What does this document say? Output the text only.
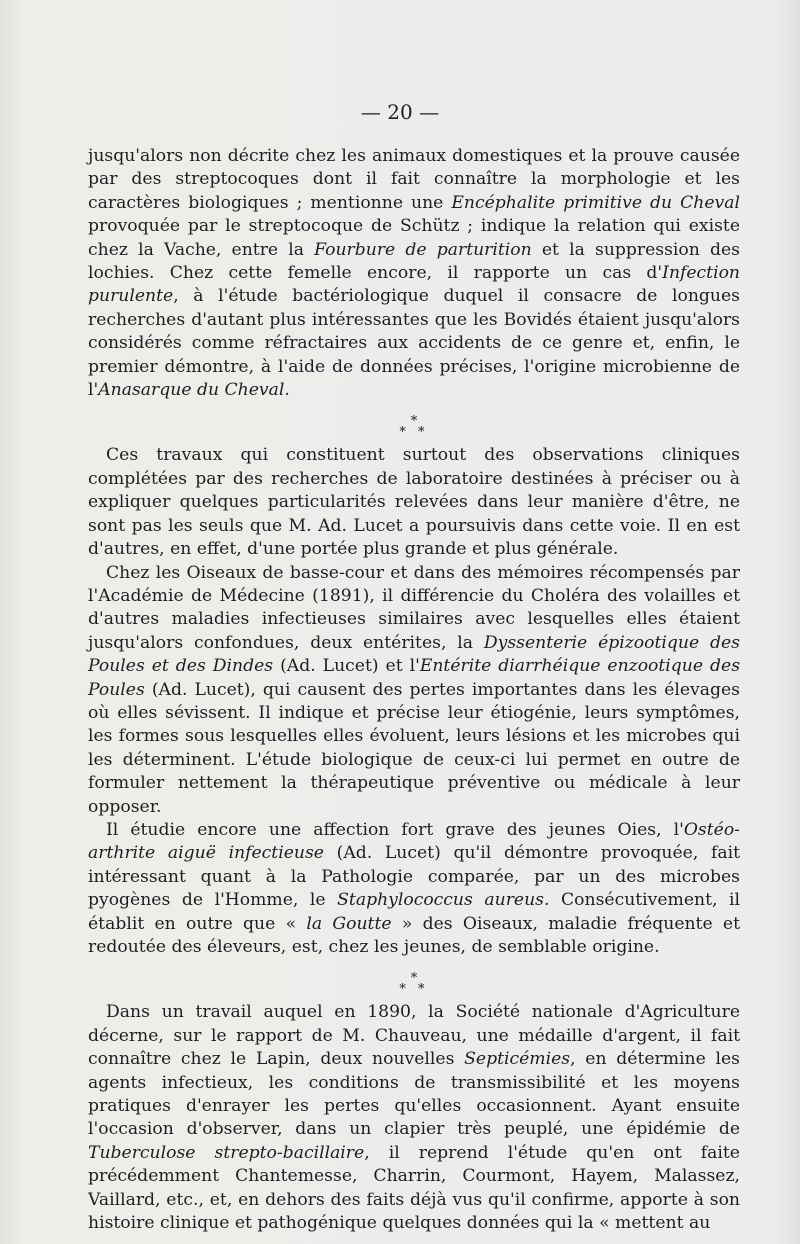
— 20 —

jusqu'alors non décrite chez les animaux domestiques et la prouve causée par des streptocoques dont il fait connaître la morphologie et les caractères biologiques ; mentionne une Encéphalite primitive du Cheval provoquée par le streptocoque de Schütz ; indique la relation qui existe chez la Vache, entre la Fourbure de parturition et la suppression des lochies. Chez cette femelle encore, il rapporte un cas d'Infection purulente, à l'étude bactériologique duquel il consacre de longues recherches d'autant plus intéressantes que les Bovidés étaient jusqu'alors considérés comme réfractaires aux accidents de ce genre et, enfin, le premier démontre, à l'aide de données précises, l'origine microbienne de l'Anasarque du Cheval.

*
* *

Ces travaux qui constituent surtout des observations cliniques complétées par des recherches de laboratoire destinées à préciser ou à expliquer quelques particularités relevées dans leur manière d'être, ne sont pas les seuls que M. Ad. Lucet a poursuivis dans cette voie. Il en est d'autres, en effet, d'une portée plus grande et plus générale.

Chez les Oiseaux de basse-cour et dans des mémoires récompensés par l'Académie de Médecine (1891), il différencie du Choléra des volailles et d'autres maladies infectieuses similaires avec lesquelles elles étaient jusqu'alors confondues, deux entérites, la Dyssenterie épizootique des Poules et des Dindes (Ad. Lucet) et l'Entérite diarrhéique enzootique des Poules (Ad. Lucet), qui causent des pertes importantes dans les élevages où elles sévissent. Il indique et précise leur étiogénie, leurs symptômes, les formes sous lesquelles elles évoluent, leurs lésions et les microbes qui les déterminent. L'étude biologique de ceux-ci lui permet en outre de formuler nettement la thérapeutique préventive ou médicale à leur opposer.

Il étudie encore une affection fort grave des jeunes Oies, l'Ostéo-arthrite aiguë infectieuse (Ad. Lucet) qu'il démontre provoquée, fait intéressant quant à la Pathologie comparée, par un des microbes pyogènes de l'Homme, le Staphylococcus aureus. Consécutivement, il établit en outre que « la Goutte » des Oiseaux, maladie fréquente et redoutée des éleveurs, est, chez les jeunes, de semblable origine.

*
* *

Dans un travail auquel en 1890, la Société nationale d'Agriculture décerne, sur le rapport de M. Chauveau, une médaille d'argent, il fait connaître chez le Lapin, deux nouvelles Septicémies, en détermine les agents infectieux, les conditions de transmissibilité et les moyens pratiques d'enrayer les pertes qu'elles occasionnent. Ayant ensuite l'occasion d'observer, dans un clapier très peuplé, une épidémie de Tuberculose strepto-bacillaire, il reprend l'étude qu'en ont faite précédemment Chantemesse, Charrin, Courmont, Hayem, Malassez, Vaillard, etc., et, en dehors des faits déjà vus qu'il confirme, apporte à son histoire clinique et pathogénique quelques données qui la « mettent au
